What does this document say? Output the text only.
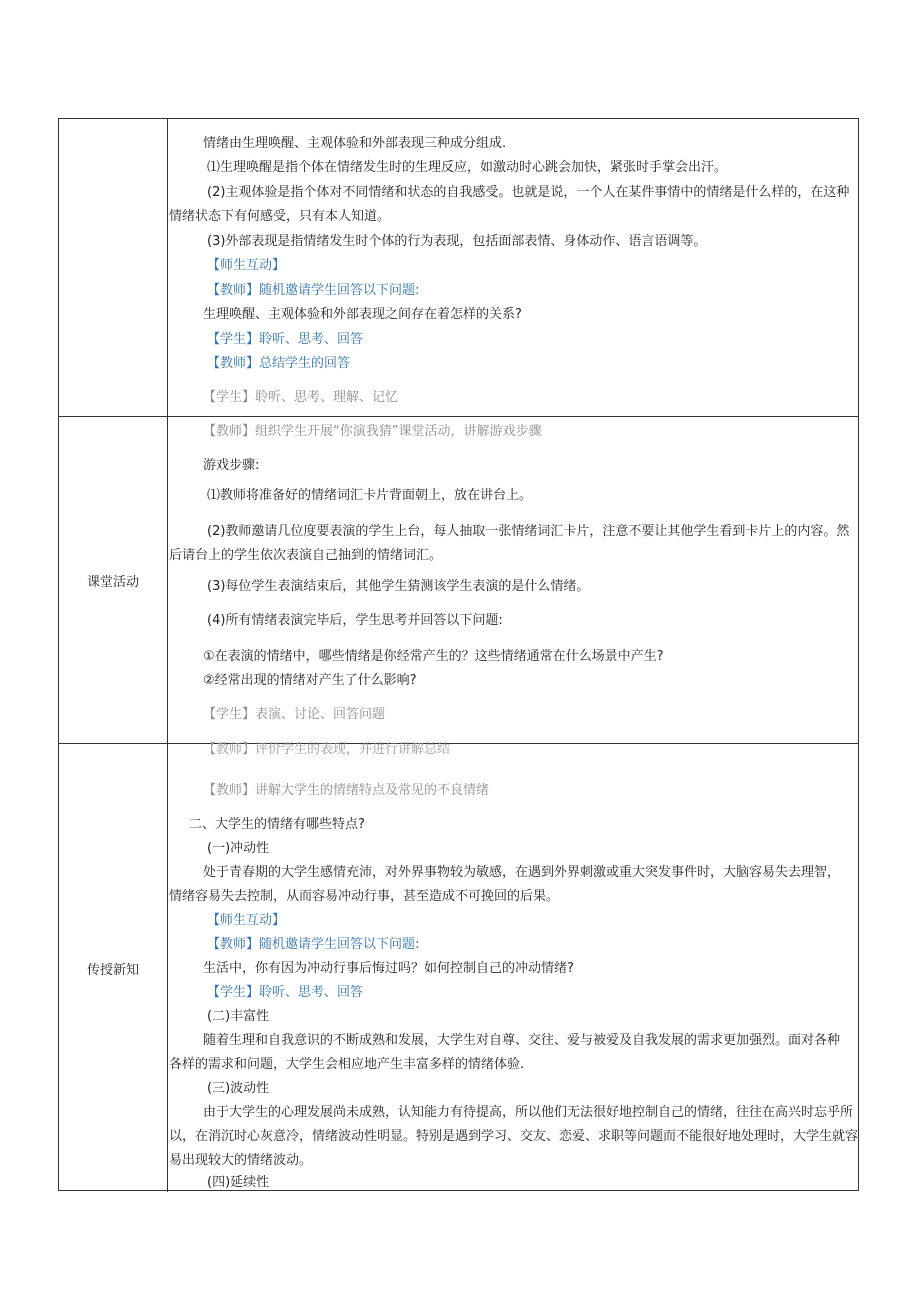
情绪由生理唤醒、主观体验和外部表现三种成分组成.
⑴生理唤醒是指个体在情绪发生时的生理反应，如激动时心跳会加快，紧张时手掌会出汗。
(2)主观体验是指个体对不同情绪和状态的自我感受。也就是说，一个人在某件事情中的情绪是什么样的，在这种
情绪状态下有何感受，只有本人知道。
(3)外部表现是指情绪发生时个体的行为表现，包括面部表情、身体动作、语言语调等。
【师生互动】
【教师】随机邀请学生回答以下问题:
生理唤醒、主观体验和外部表现之间存在着怎样的关系?
【学生】聆听、思考、回答
【教师】总结学生的回答
【学生】聆听、思考、理解、记忆
课堂活动
【教师】组织学生开展“你演我猜”课堂活动，讲解游戏步骤
游戏步骤:
⑴教师将准备好的情绪词汇卡片背面朝上，放在讲台上。
(2)教师邀请几位度要表演的学生上台，每人抽取一张情绪词汇卡片，注意不要让其他学生看到卡片上的内容。然
后请台上的学生依次表演自己抽到的情绪词汇。
(3)每位学生表演结束后，其他学生猜测该学生表演的是什么情绪。
(4)所有情绪表演完毕后，学生思考并回答以下问题:
①在表演的情绪中，哪些情绪是你经常产生的？这些情绪通常在什么场景中产生?
②经常出现的情绪对产生了什么影响?
【学生】表演、讨论、回答问题
【教师】评价学生的表现，并进行讲解总结
传授新知
【教师】讲解大学生的情绪特点及常见的不良情绪
二、大学生的情绪有哪些特点?
(一)冲动性
处于青春期的大学生感情充沛，对外界事物较为敏感，在遇到外界刺激或重大突发事件时，大脑容易失去理智，
情绪容易失去控制，从而容易冲动行事，甚至造成不可挽回的后果。
【师生互动】
【教师】随机邀请学生回答以下问题:
生活中，你有因为冲动行事后悔过吗？如何控制自己的冲动情绪?
【学生】聆听、思考、回答
(二)丰富性
随着生理和自我意识的不断成熟和发展，大学生对自尊、交往、爱与被爱及自我发展的需求更加强烈。面对各种
各样的需求和问题，大学生会相应地产生丰富多样的情绪体验.
(三)波动性
由于大学生的心理发展尚未成熟，认知能力有待提高，所以他们无法很好地控制自己的情绪，往往在高兴时忘乎所
以，在消沉时心灰意冷，情绪波动性明显。特别是遇到学习、交友、恋爱、求职等问题而不能很好地处理时，大学生就容
易出现较大的情绪波动。
(四)延续性
